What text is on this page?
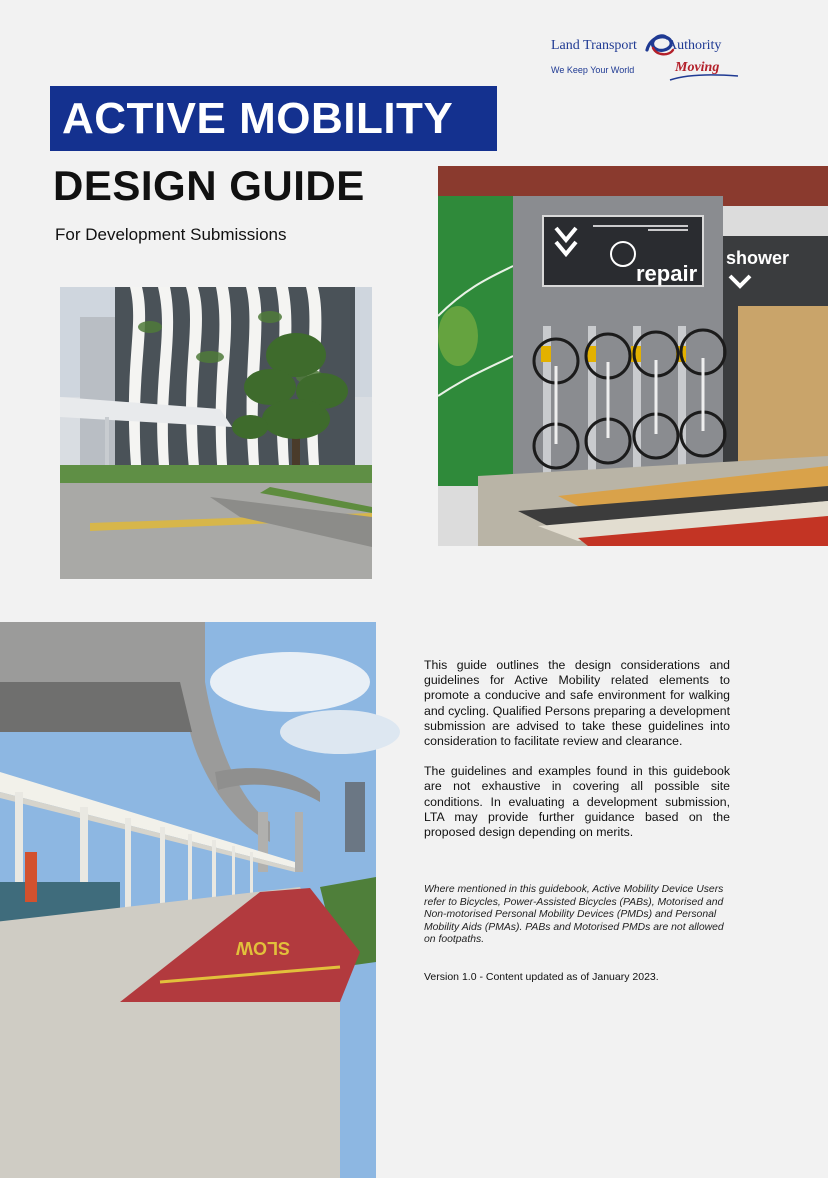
Land Transport Authority
We Keep Your World	Moving
ACTIVE MOBILITY
DESIGN GUIDE
For Development Submissions
repair
shower
SLOW

This guide outlines the design considerations and guidelines for Active Mobility related elements to promote a conducive and safe environment for walking and cycling. Qualified Persons preparing a development submission are advised to take these guidelines into consideration to facilitate review and clearance.

The guidelines and examples found in this guidebook are not exhaustive in covering all possible site conditions. In evaluating a development submission, LTA may provide further guidance based on the proposed design depending on merits.

Where mentioned in this guidebook, Active Mobility Device Users refer to Bicycles, Power-Assisted Bicycles (PABs), Motorised and Non-motorised Personal Mobility Devices (PMDs) and Personal Mobility Aids (PMAs). PABs and Motorised PMDs are not allowed on footpaths.
Version 1.0 - Content updated as of January 2023.
